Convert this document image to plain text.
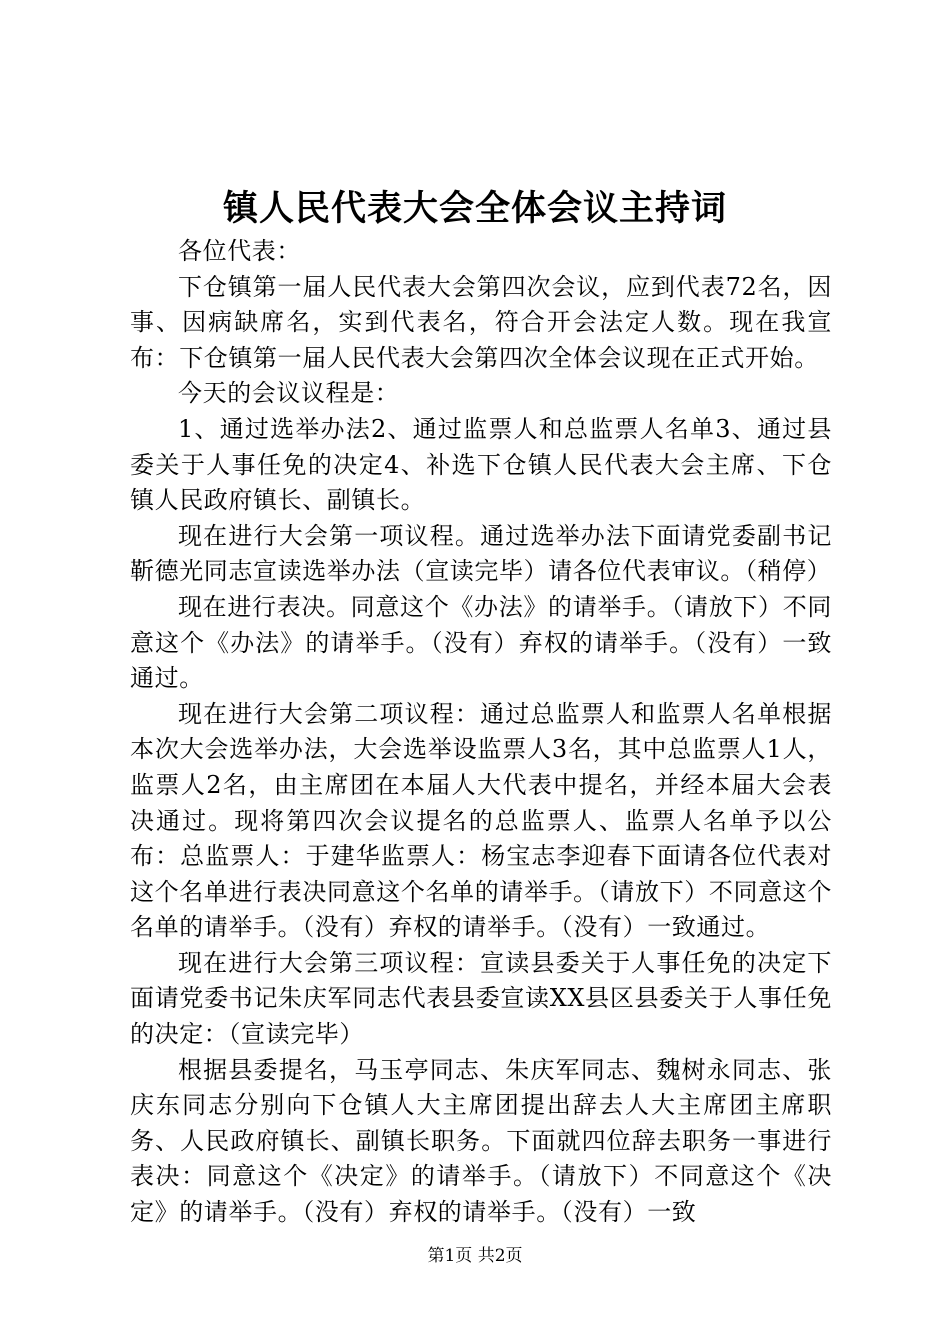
镇人民代表大会全体会议主持词

各位代表：

下仓镇第一届人民代表大会第四次会议，应到代表72名，因事、因病缺席名，实到代表名，符合开会法定人数。现在我宣布：下仓镇第一届人民代表大会第四次全体会议现在正式开始。

今天的会议议程是：

1、通过选举办法2、通过监票人和总监票人名单3、通过县委关于人事任免的决定4、补选下仓镇人民代表大会主席、下仓镇人民政府镇长、副镇长。

现在进行大会第一项议程。通过选举办法下面请党委副书记靳德光同志宣读选举办法（宣读完毕）请各位代表审议。（稍停）

现在进行表决。同意这个《办法》的请举手。（请放下）不同意这个《办法》的请举手。（没有）弃权的请举手。（没有）一致通过。

现在进行大会第二项议程：通过总监票人和监票人名单根据本次大会选举办法，大会选举设监票人3名，其中总监票人1人，监票人2名，由主席团在本届人大代表中提名，并经本届大会表决通过。现将第四次会议提名的总监票人、监票人名单予以公布：总监票人：于建华监票人：杨宝志李迎春下面请各位代表对这个名单进行表决同意这个名单的请举手。（请放下）不同意这个名单的请举手。（没有）弃权的请举手。（没有）一致通过。

现在进行大会第三项议程：宣读县委关于人事任免的决定下面请党委书记朱庆军同志代表县委宣读XX县区县委关于人事任免的决定：（宣读完毕）

根据县委提名，马玉亭同志、朱庆军同志、魏树永同志、张庆东同志分别向下仓镇人大主席团提出辞去人大主席团主席职务、人民政府镇长、副镇长职务。下面就四位辞去职务一事进行表决：同意这个《决定》的请举手。（请放下）不同意这个《决定》的请举手。（没有）弃权的请举手。（没有）一致

第1页 共2页
